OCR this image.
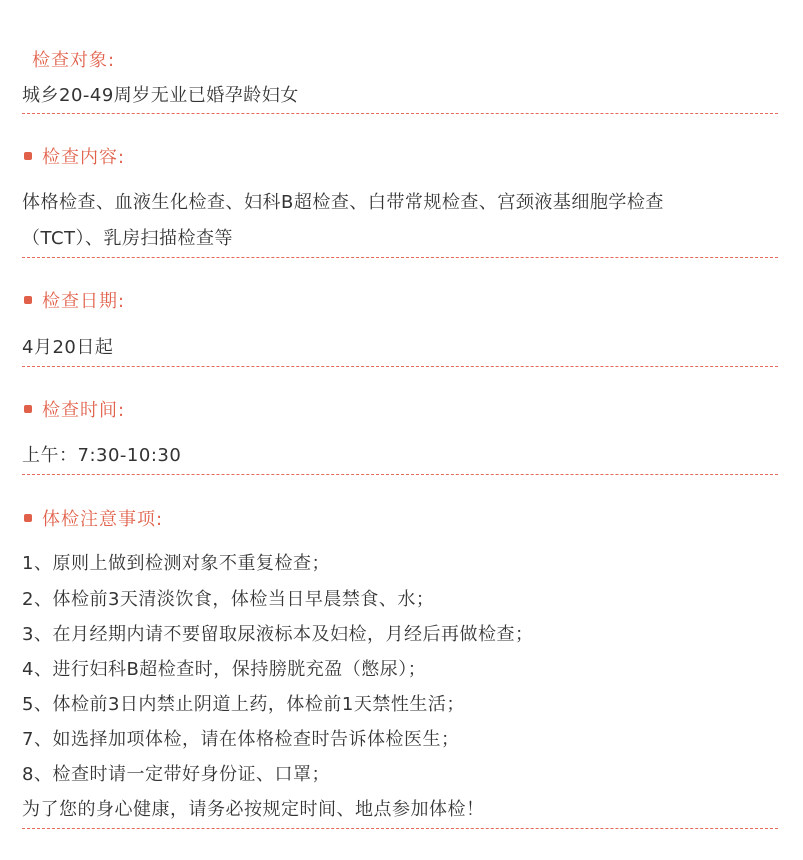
检查对象:
城乡20-49周岁无业已婚孕龄妇女
检查内容:
体格检查、血液生化检查、妇科B超检查、白带常规检查、宫颈液基细胞学检查
（TCT）、乳房扫描检查等
检查日期:
4月20日起
检查时间:
上午：7:30-10:30
体检注意事项:
1、原则上做到检测对象不重复检查；
2、体检前3天清淡饮食，体检当日早晨禁食、水；
3、在月经期内请不要留取尿液标本及妇检，月经后再做检查；
4、进行妇科B超检查时，保持膀胱充盈（憋尿）；
5、体检前3日内禁止阴道上药，体检前1天禁性生活；
7、如选择加项体检，请在体格检查时告诉体检医生；
8、检查时请一定带好身份证、口罩；
为了您的身心健康，请务必按规定时间、地点参加体检！
